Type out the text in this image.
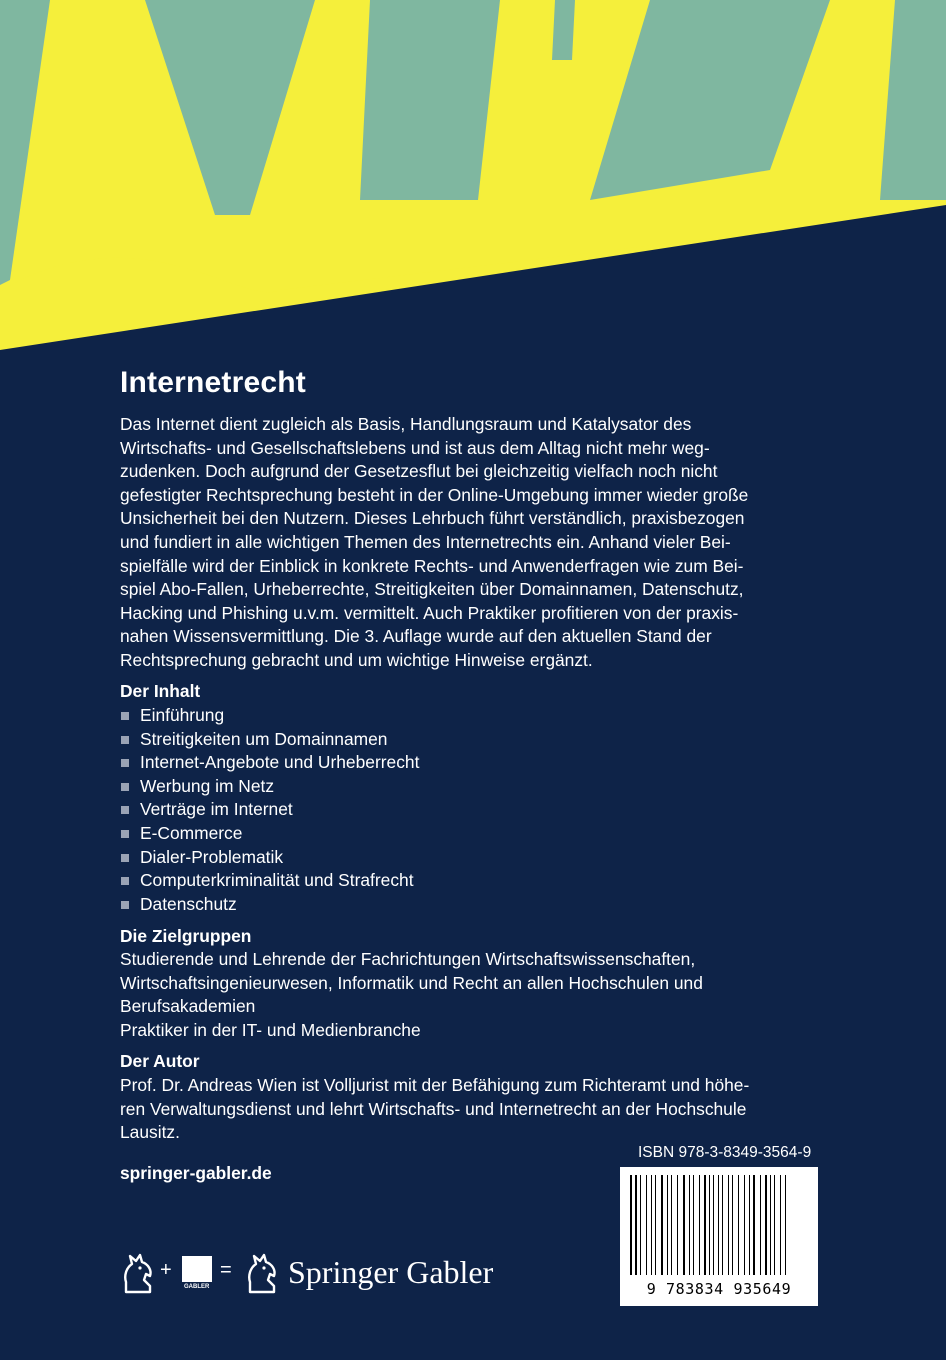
Internetrecht

Das Internet dient zugleich als Basis, Handlungsraum und Katalysator des
Wirtschafts- und Gesellschaftslebens und ist aus dem Alltag nicht mehr weg-
zudenken. Doch aufgrund der Gesetzesflut bei gleichzeitig vielfach noch nicht
gefestigter Rechtsprechung besteht in der Online-Umgebung immer wieder große
Unsicherheit bei den Nutzern. Dieses Lehrbuch führt verständlich, praxisbezogen
und fundiert in alle wichtigen Themen des Internetrechts ein. Anhand vieler Bei-
spielfälle wird der Einblick in konkrete Rechts- und Anwenderfragen wie zum Bei-
spiel Abo-Fallen, Urheberrechte, Streitigkeiten über Domainnamen, Datenschutz,
Hacking und Phishing u.v.m. vermittelt. Auch Praktiker profitieren von der praxis-
nahen Wissensvermittlung. Die 3. Auflage wurde auf den aktuellen Stand der
Rechtsprechung gebracht und um wichtige Hinweise ergänzt.

Der Inhalt
Einführung
Streitigkeiten um Domainnamen
Internet-Angebote und Urheberrecht
Werbung im Netz
Verträge im Internet
E-Commerce
Dialer-Problematik
Computerkriminalität und Strafrecht
Datenschutz
Die Zielgruppen

Studierende und Lehrende der Fachrichtungen Wirtschaftswissenschaften,
Wirtschaftsingenieurwesen, Informatik und Recht an allen Hochschulen und
Berufsakademien
Praktiker in der IT- und Medienbranche

Der Autor

Prof. Dr. Andreas Wien ist Volljurist mit der Befähigung zum Richteramt und höhe-
ren Verwaltungsdienst und lehrt Wirtschafts- und Internetrecht an der Hochschule
Lausitz.

springer-gabler.de
ISBN 978-3-8349-3564-9
9 783834 935649
+
GABLER
= Springer Gabler
